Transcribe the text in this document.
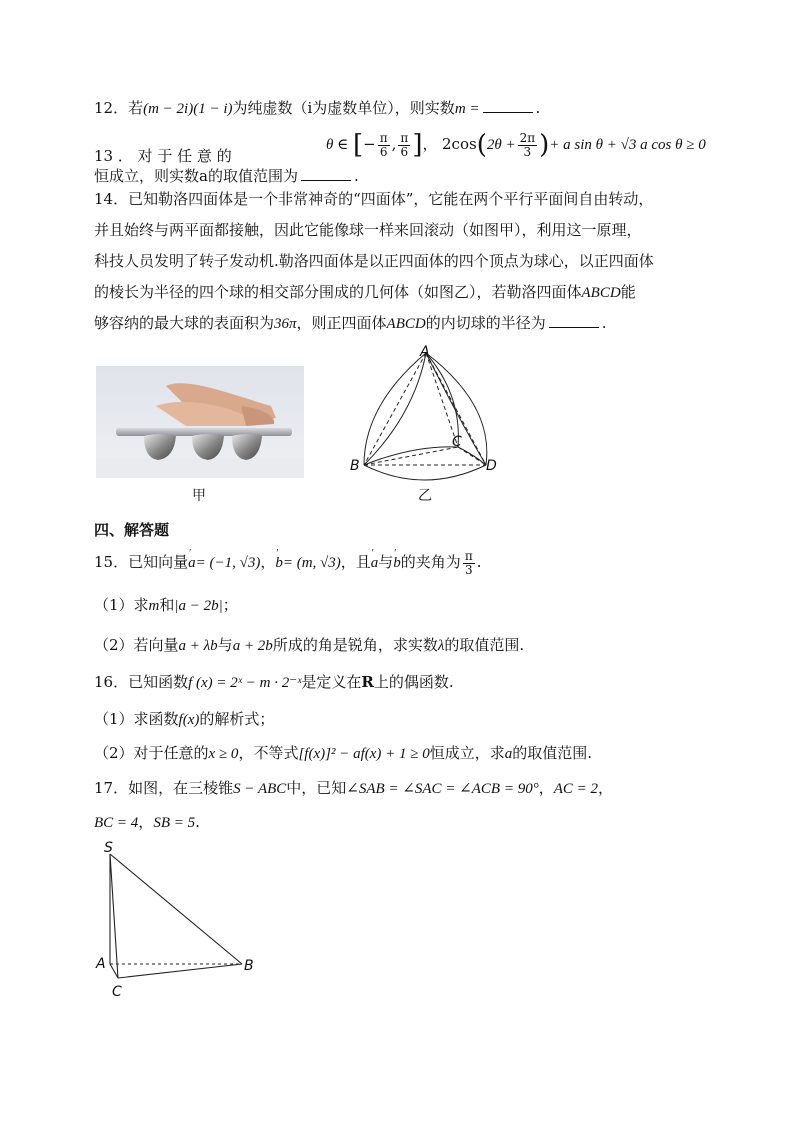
12．若(m − 2i)(1 − i)为纯虚数（i为虚数单位），则实数m =	.
13 ． 对 于 任 意 的
θ ∈ [− $\frac{\pi}{6}$ , $\frac{\pi}{6}$ ]， $2\cos(2\theta + \frac{2\pi}{3}$ )+ a sin θ + √3 a cos θ ≥ 0
恒成立，则实数a的取值范围为	.
14．已知勒洛四面体是一个非常神奇的“四面体”，它能在两个平行平面间自由转动，
并且始终与两平面都接触，因此它能像球一样来回滚动（如图甲），利用这一原理，
科技人员发明了转子发动机.勒洛四面体是以正四面体的四个顶点为球心，以正四面体
的棱长为半径的四个球的相交部分围成的几何体（如图乙），若勒洛四面体ABCD能
够容纳的最大球的表面积为36π，则正四面体ABCD的内切球的半径为	.
甲
A
B
C
D
乙
四、解答题
15．已知向量ʹ a= (−1, √3)，ʹ b= (m, √3)，且ʹ a与ʹ b的夹角为 $\frac{\pi}{3}$ .
（1）求m和|a − 2b|；
（2）若向量a + λb与a + 2b所成的角是锐角，求实数λ的取值范围.
16．已知函数f (x) = 2ˣ − m · 2⁻ˣ是定义在R上的偶函数.
（1）求函数f(x)的解析式；
（2）对于任意的x ≥ 0，不等式[f(x)]² − af(x) + 1 ≥ 0恒成立，求a的取值范围.
17．如图，在三棱锥S − ABC中，已知∠SAB = ∠SAC = ∠ACB = 90°，AC = 2，
BC = 4，SB = 5.
S
A	B
C
